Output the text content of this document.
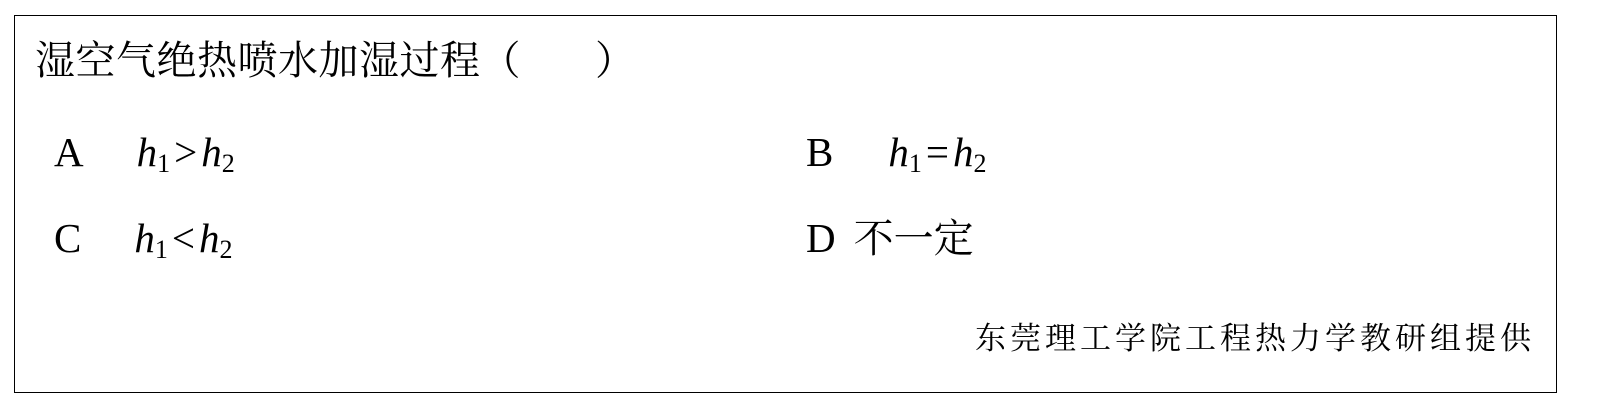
湿空气绝热喷水加湿过程（ ）
A $h_1>h_2$	B $h_1=h_2$
C $h_1<h_2$	D 不一定
东莞理工学院工程热力学教研组提供
